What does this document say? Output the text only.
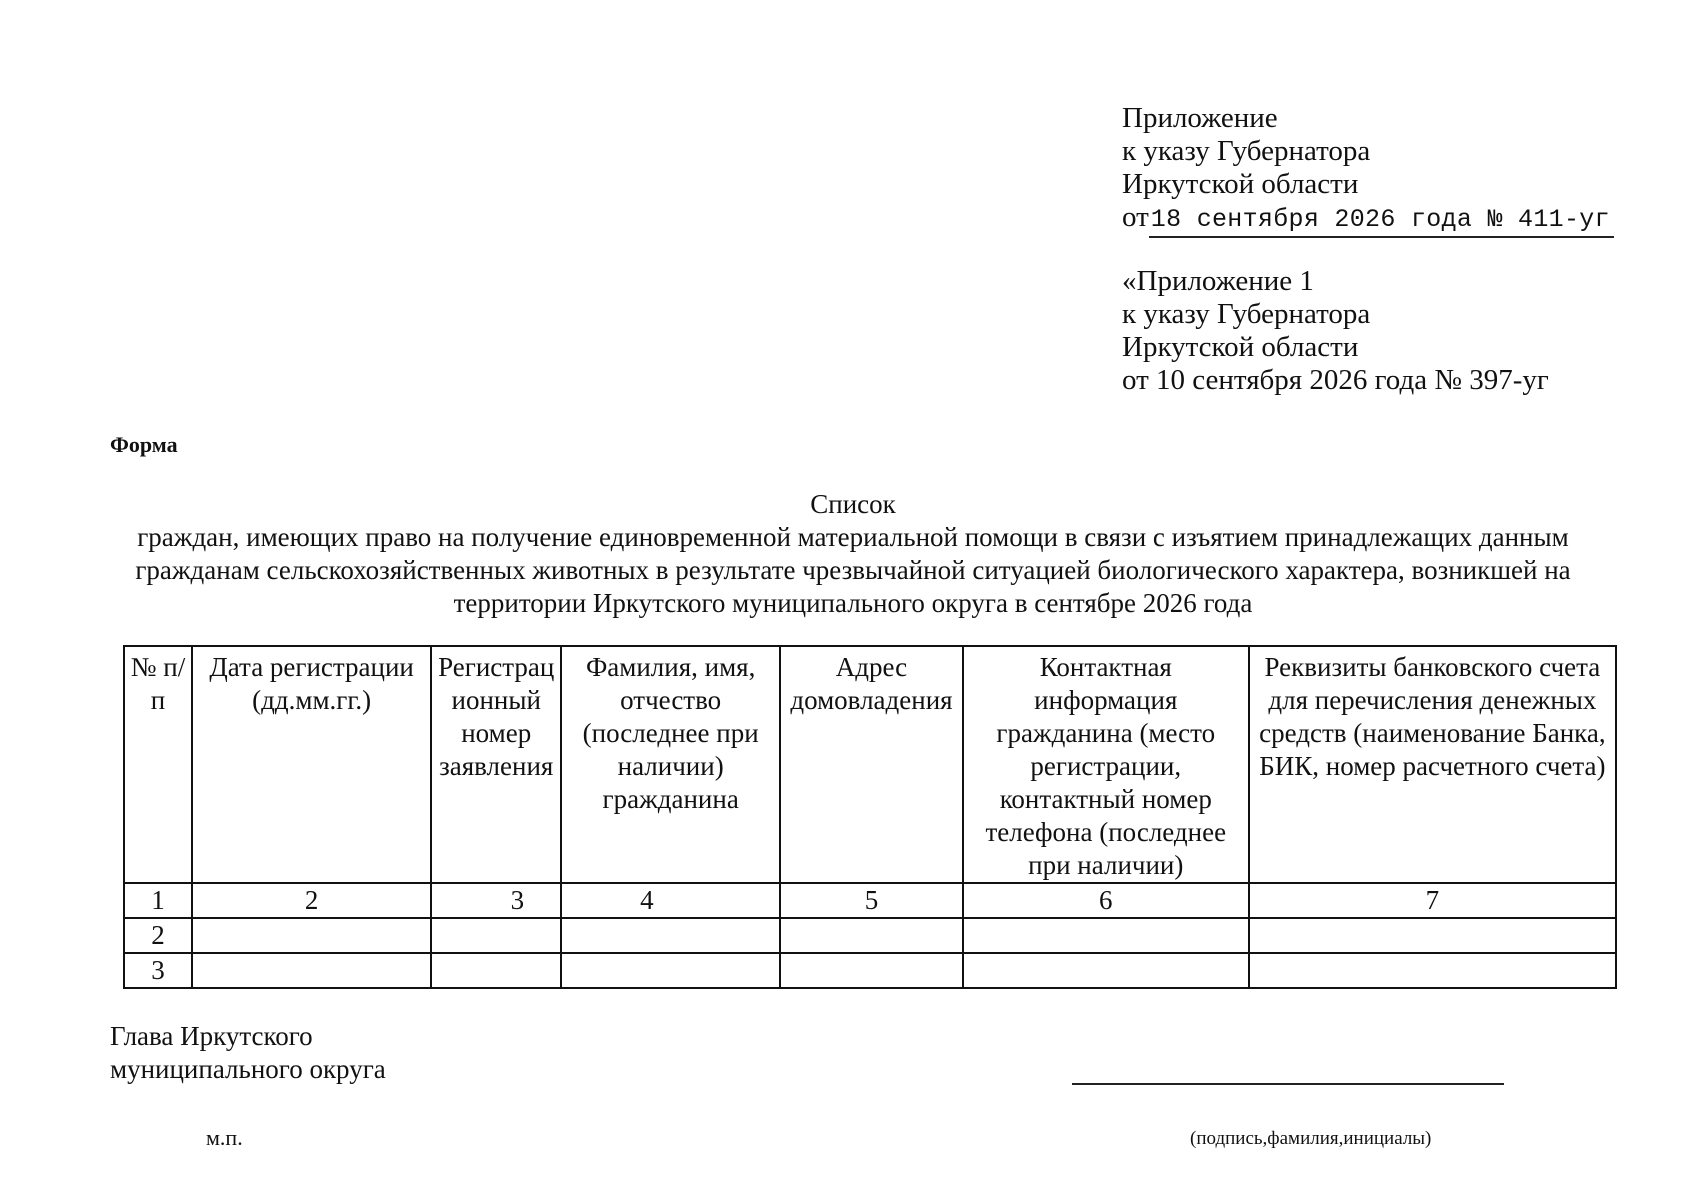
Приложение
к указу Губернатора
Иркутской области
от18 сентября 2026 года № 411-уг
«Приложение 1
к указу Губернатора
Иркутской области
от 10 сентября 2026 года № 397-уг
Форма
Список
граждан, имеющих право на получение единовременной материальной помощи в связи с изъятием принадлежащих данным гражданам сельскохозяйственных животных в результате чрезвычайной ситуацией биологического характера, возникшей на территории Иркутского муниципального округа в сентябре 2026 года
№ п/п	Дата регистрации (дд.мм.гг.)	Регистрац ионный номер заявления	Фамилия, имя, отчество (последнее при наличии) гражданина	Адрес домовладения	Контактная информация гражданина (место регистрации, контактный номер телефона (последнее при наличии)	Реквизиты банковского счета для перечисления денежных средств (наименование Банка, БИК, номер расчетного счета)
1	2	3	4	5	6	7
2						
3						
Глава Иркутского
муниципального округа
м.п.	(подпись,фамилия,инициалы)
